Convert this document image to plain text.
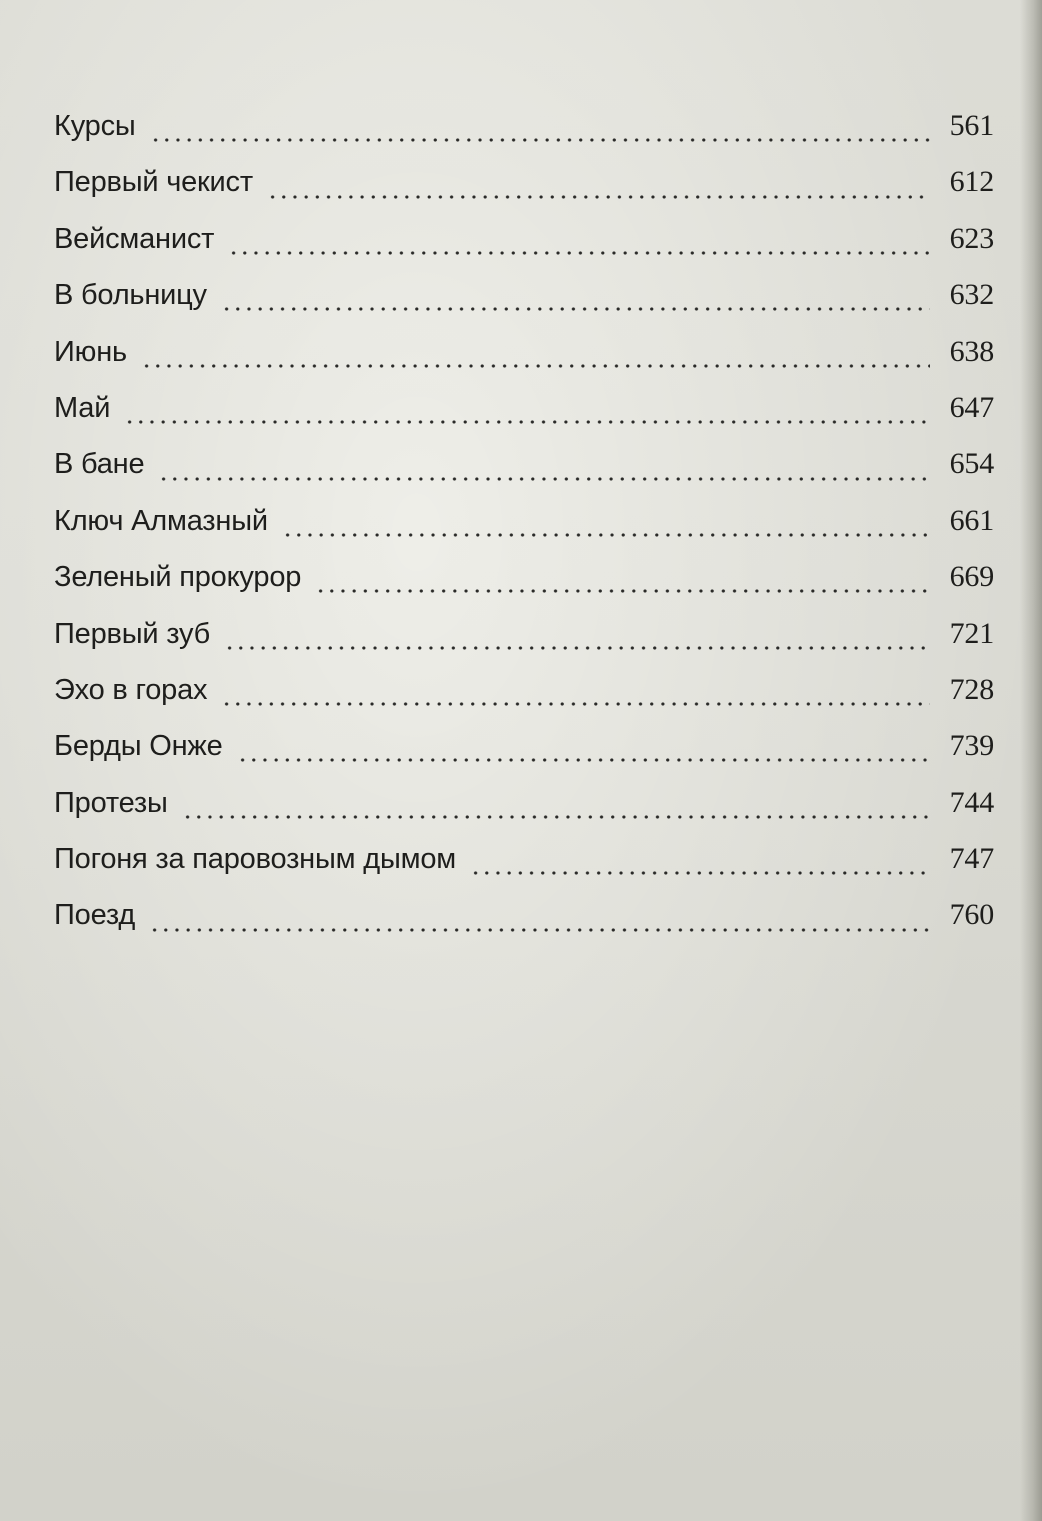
Курсы	561
Первый чекист	612
Вейсманист	623
В больницу	632
Июнь	638
Май	647
В бане	654
Ключ Алмазный	661
Зеленый прокурор	669
Первый зуб	721
Эхо в горах	728
Берды Онже	739
Протезы	744
Погоня за паровозным дымом	747
Поезд	760
